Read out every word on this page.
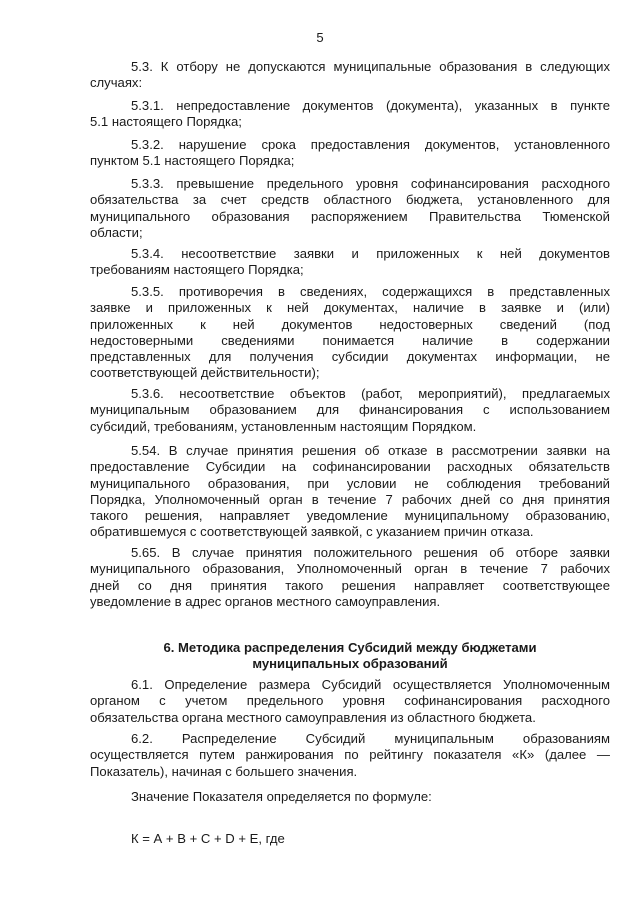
5

5.3. К отбору не допускаются муниципальные образования в следующих
случаях:

5.3.1. непредоставление документов (документа), указанных в пункте
5.1 настоящего Порядка;

5.3.2. нарушение срока предоставления документов, установленного
пунктом 5.1 настоящего Порядка;

5.3.3. превышение предельного уровня софинансирования расходного
обязательства за счет средств областного бюджета, установленного для
муниципального образования распоряжением Правительства Тюменской
области;

5.3.4. несоответствие заявки и приложенных к ней документов
требованиям настоящего Порядка;

5.3.5. противоречия в сведениях, содержащихся в представленных
заявке и приложенных к ней документах, наличие в заявке и (или)
приложенных к ней документов недостоверных сведений (под
недостоверными сведениями понимается наличие в содержании
представленных для получения субсидии документах информации, не
соответствующей действительности);

5.3.6. несоответствие объектов (работ, мероприятий), предлагаемых
муниципальным образованием для финансирования с использованием
субсидий, требованиям, установленным настоящим Порядком.

5.54. В случае принятия решения об отказе в рассмотрении заявки на
предоставление Субсидии на софинансировании расходных обязательств
муниципального образования, при условии не соблюдения требований
Порядка, Уполномоченный орган в течение 7 рабочих дней со дня принятия
такого решения, направляет уведомление муниципальному образованию,
обратившемуся с соответствующей заявкой, с указанием причин отказа.

5.65. В случае принятия положительного решения об отборе заявки
муниципального образования, Уполномоченный орган в течение 7 рабочих
дней со дня принятия такого решения направляет соответствующее
уведомление в адрес органов местного самоуправления.

6. Методика распределения Субсидий между бюджетами
муниципальных образований

6.1. Определение размера Субсидий осуществляется Уполномоченным
органом с учетом предельного уровня софинансирования расходного
обязательства органа местного самоуправления из областного бюджета.

6.2. Распределение Субсидий муниципальным образованиям
осуществляется путем ранжирования по рейтингу показателя «К» (далее —
Показатель), начиная с большего значения.

Значение Показателя определяется по формуле:

К = А + В + С + D + Е, где
